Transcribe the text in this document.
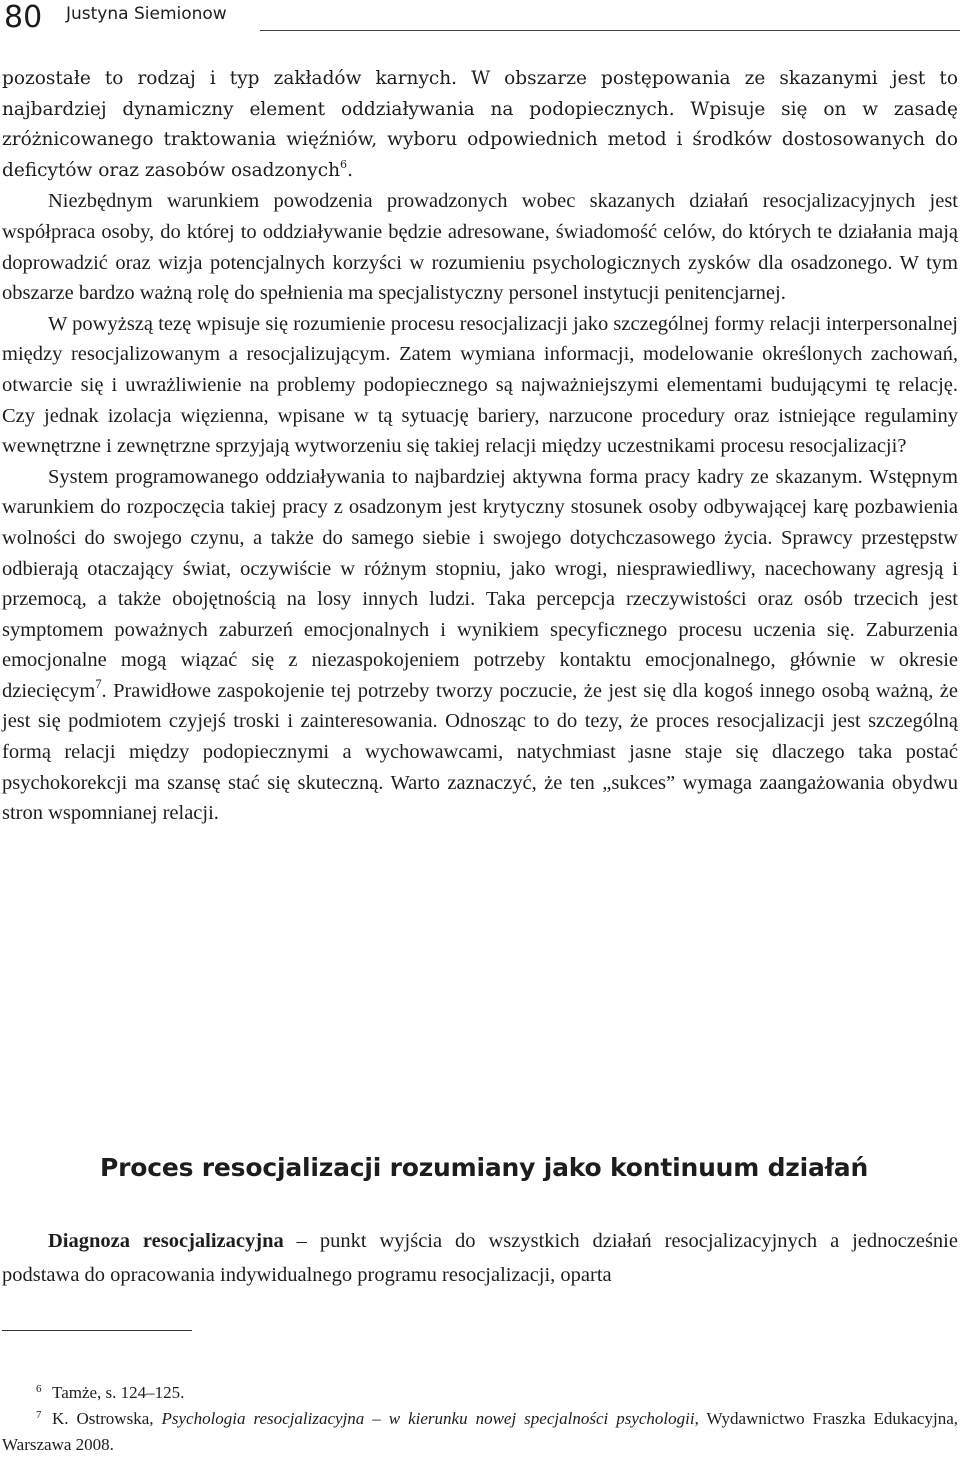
80 Justyna Siemionow

pozostałe to rodzaj i typ zakładów karnych. W obszarze postępowania ze skazanymi jest to najbardziej dynamiczny element oddziaływania na podopiecznych. Wpisuje się on w zasadę zróżnicowanego traktowania więźniów, wyboru odpowiednich metod i środków dostosowanych do deficytów oraz zasobów osadzonych$^6$.

Niezbędnym warunkiem powodzenia prowadzonych wobec skazanych działań resocjalizacyjnych jest współpraca osoby, do której to oddziaływanie będzie adresowane, świadomość celów, do których te działania mają doprowadzić oraz wizja potencjalnych korzyści w rozumieniu psychologicznych zysków dla osadzonego. W tym obszarze bardzo ważną rolę do spełnienia ma specjalistyczny personel instytucji penitencjarnej.

W powyższą tezę wpisuje się rozumienie procesu resocjalizacji jako szczególnej formy relacji interpersonalnej między resocjalizowanym a resocjalizującym. Zatem wymiana informacji, modelowanie określonych zachowań, otwarcie się i uwrażliwienie na problemy podopiecznego są najważniejszymi elementami budującymi tę relację. Czy jednak izolacja więzienna, wpisane w tą sytuację bariery, narzucone procedury oraz istniejące regulaminy wewnętrzne i zewnętrzne sprzyjają wytworzeniu się takiej relacji między uczestnikami procesu resocjalizacji?

System programowanego oddziaływania to najbardziej aktywna forma pracy kadry ze skazanym. Wstępnym warunkiem do rozpoczęcia takiej pracy z osadzonym jest krytyczny stosunek osoby odbywającej karę pozbawienia wolności do swojego czynu, a także do samego siebie i swojego dotychczasowego życia. Sprawcy przestępstw odbierają otaczający świat, oczywiście w różnym stopniu, jako wrogi, niesprawiedliwy, nacechowany agresją i przemocą, a także obojętnością na losy innych ludzi. Taka percepcja rzeczywistości oraz osób trzecich jest symptomem poważnych zaburzeń emocjonalnych i wynikiem specyficznego procesu uczenia się. Zaburzenia emocjonalne mogą wiązać się z niezaspokojeniem potrzeby kontaktu emocjonalnego, głównie w okresie dziecięcym$^7$. Prawidłowe zaspokojenie tej potrzeby tworzy poczucie, że jest się dla kogoś innego osobą ważną, że jest się podmiotem czyjejś troski i zainteresowania. Odnosząc to do tezy, że proces resocjalizacji jest szczególną formą relacji między podopiecznymi a wychowawcami, natychmiast jasne staje się dlaczego taka postać psychokorekcji ma szansę stać się skuteczną. Warto zaznaczyć, że ten „sukces” wymaga zaangażowania obydwu stron wspomnianej relacji.

Proces resocjalizacji rozumiany jako kontinuum działań

Diagnoza resocjalizacyjna – punkt wyjścia do wszystkich działań resocjalizacyjnych a jednocześnie podstawa do opracowania indywidualnego programu resocjalizacji, oparta

6 Tamże, s. 124–125.

7 K. Ostrowska, Psychologia resocjalizacyjna – w kierunku nowej specjalności psychologii, Wydawnictwo Fraszka Edukacyjna, Warszawa 2008.
